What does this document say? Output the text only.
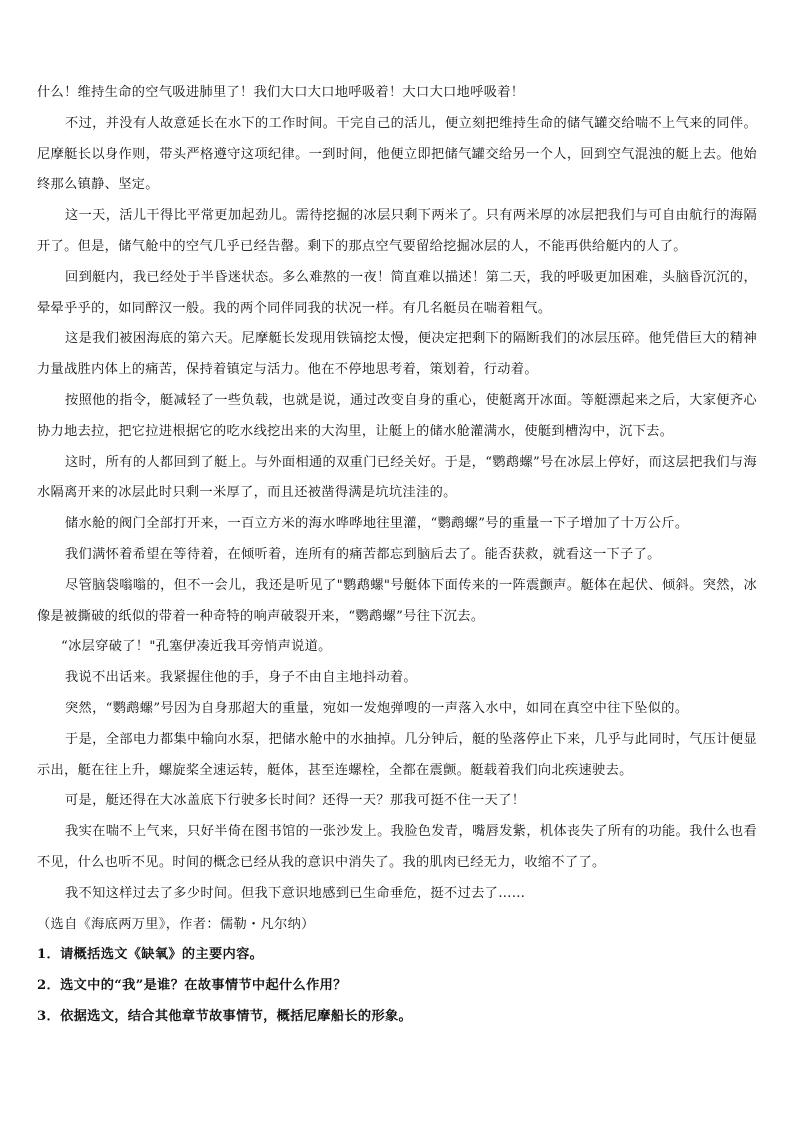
什么！维持生命的空气吸进肺里了！我们大口大口地呼吸着！大口大口地呼吸着！

不过，并没有人故意延长在水下的工作时间。干完自己的活儿，便立刻把维持生命的储气罐交给喘不上气来的同伴。尼摩艇长以身作则，带头严格遵守这项纪律。一到时间，他便立即把储气罐交给另一个人，回到空气混浊的艇上去。他始终那么镇静、坚定。

这一天，活儿干得比平常更加起劲儿。需待挖掘的冰层只剩下两米了。只有两米厚的冰层把我们与可自由航行的海隔开了。但是，储气舱中的空气几乎已经告罄。剩下的那点空气要留给挖掘冰层的人，不能再供给艇内的人了。

回到艇内，我已经处于半昏迷状态。多么难熬的一夜！简直难以描述！第二天，我的呼吸更加困难，头脑昏沉沉的，晕晕乎乎的，如同醉汉一般。我的两个同伴同我的状况一样。有几名艇员在喘着粗气。

这是我们被困海底的第六天。尼摩艇长发现用铁镐挖太慢，便决定把剩下的隔断我们的冰层压碎。他凭借巨大的精神力量战胜内体上的痛苦，保持着镇定与活力。他在不停地思考着，策划着，行动着。

按照他的指令，艇减轻了一些负载，也就是说，通过改变自身的重心，使艇离开冰面。等艇漂起来之后，大家便齐心协力地去拉，把它拉进根据它的吃水线挖出来的大沟里，让艇上的储水舱灌满水，使艇到槽沟中，沉下去。

这时，所有的人都回到了艇上。与外面相通的双重门已经关好。于是，“鹦鹉螺”号在冰层上停好，而这层把我们与海水隔离开来的冰层此时只剩一米厚了，而且还被凿得满是坑坑洼洼的。

储水舱的阀门全部打开来，一百立方米的海水哗哗地往里灌，“鹦鹉螺”号的重量一下子增加了十万公斤。

我们满怀着希望在等待着，在倾听着，连所有的痛苦都忘到脑后去了。能否获救，就看这一下子了。

尽管脑袋嗡嗡的，但不一会儿，我还是听见了"鹦鹉螺"号艇体下面传来的一阵震颤声。艇体在起伏、倾斜。突然，冰像是被撕破的纸似的带着一种奇特的响声破裂开来，“鹦鹉螺”号往下沉去。

“冰层穿破了！"孔塞伊凑近我耳旁悄声说道。

我说不出话来。我紧握住他的手，身子不由自主地抖动着。

突然，“鹦鹉螺”号因为自身那超大的重量，宛如一发炮弹嗖的一声落入水中，如同在真空中往下坠似的。

于是，全部电力都集中输向水泵，把储水舱中的水抽掉。几分钟后，艇的坠落停止下来，几乎与此同时，气压计便显示出，艇在往上升，螺旋桨全速运转，艇体，甚至连螺栓，全都在震颤。艇载着我们向北疾速驶去。

可是，艇还得在大冰盖底下行驶多长时间？还得一天？那我可挺不住一天了！

我实在喘不上气来，只好半倚在图书馆的一张沙发上。我脸色发青，嘴唇发紫，机体丧失了所有的功能。我什么也看不见，什么也听不见。时间的概念已经从我的意识中消失了。我的肌肉已经无力，收缩不了了。

我不知这样过去了多少时间。但我下意识地感到已生命垂危，挺不过去了……

（选自《海底两万里》，作者：儒勒・凡尔纳）

1．请概括选文《缺氧》的主要内容。
2．选文中的“我”是谁？在故事情节中起什么作用？
3．依据选文，结合其他章节故事情节，概括尼摩船长的形象。
